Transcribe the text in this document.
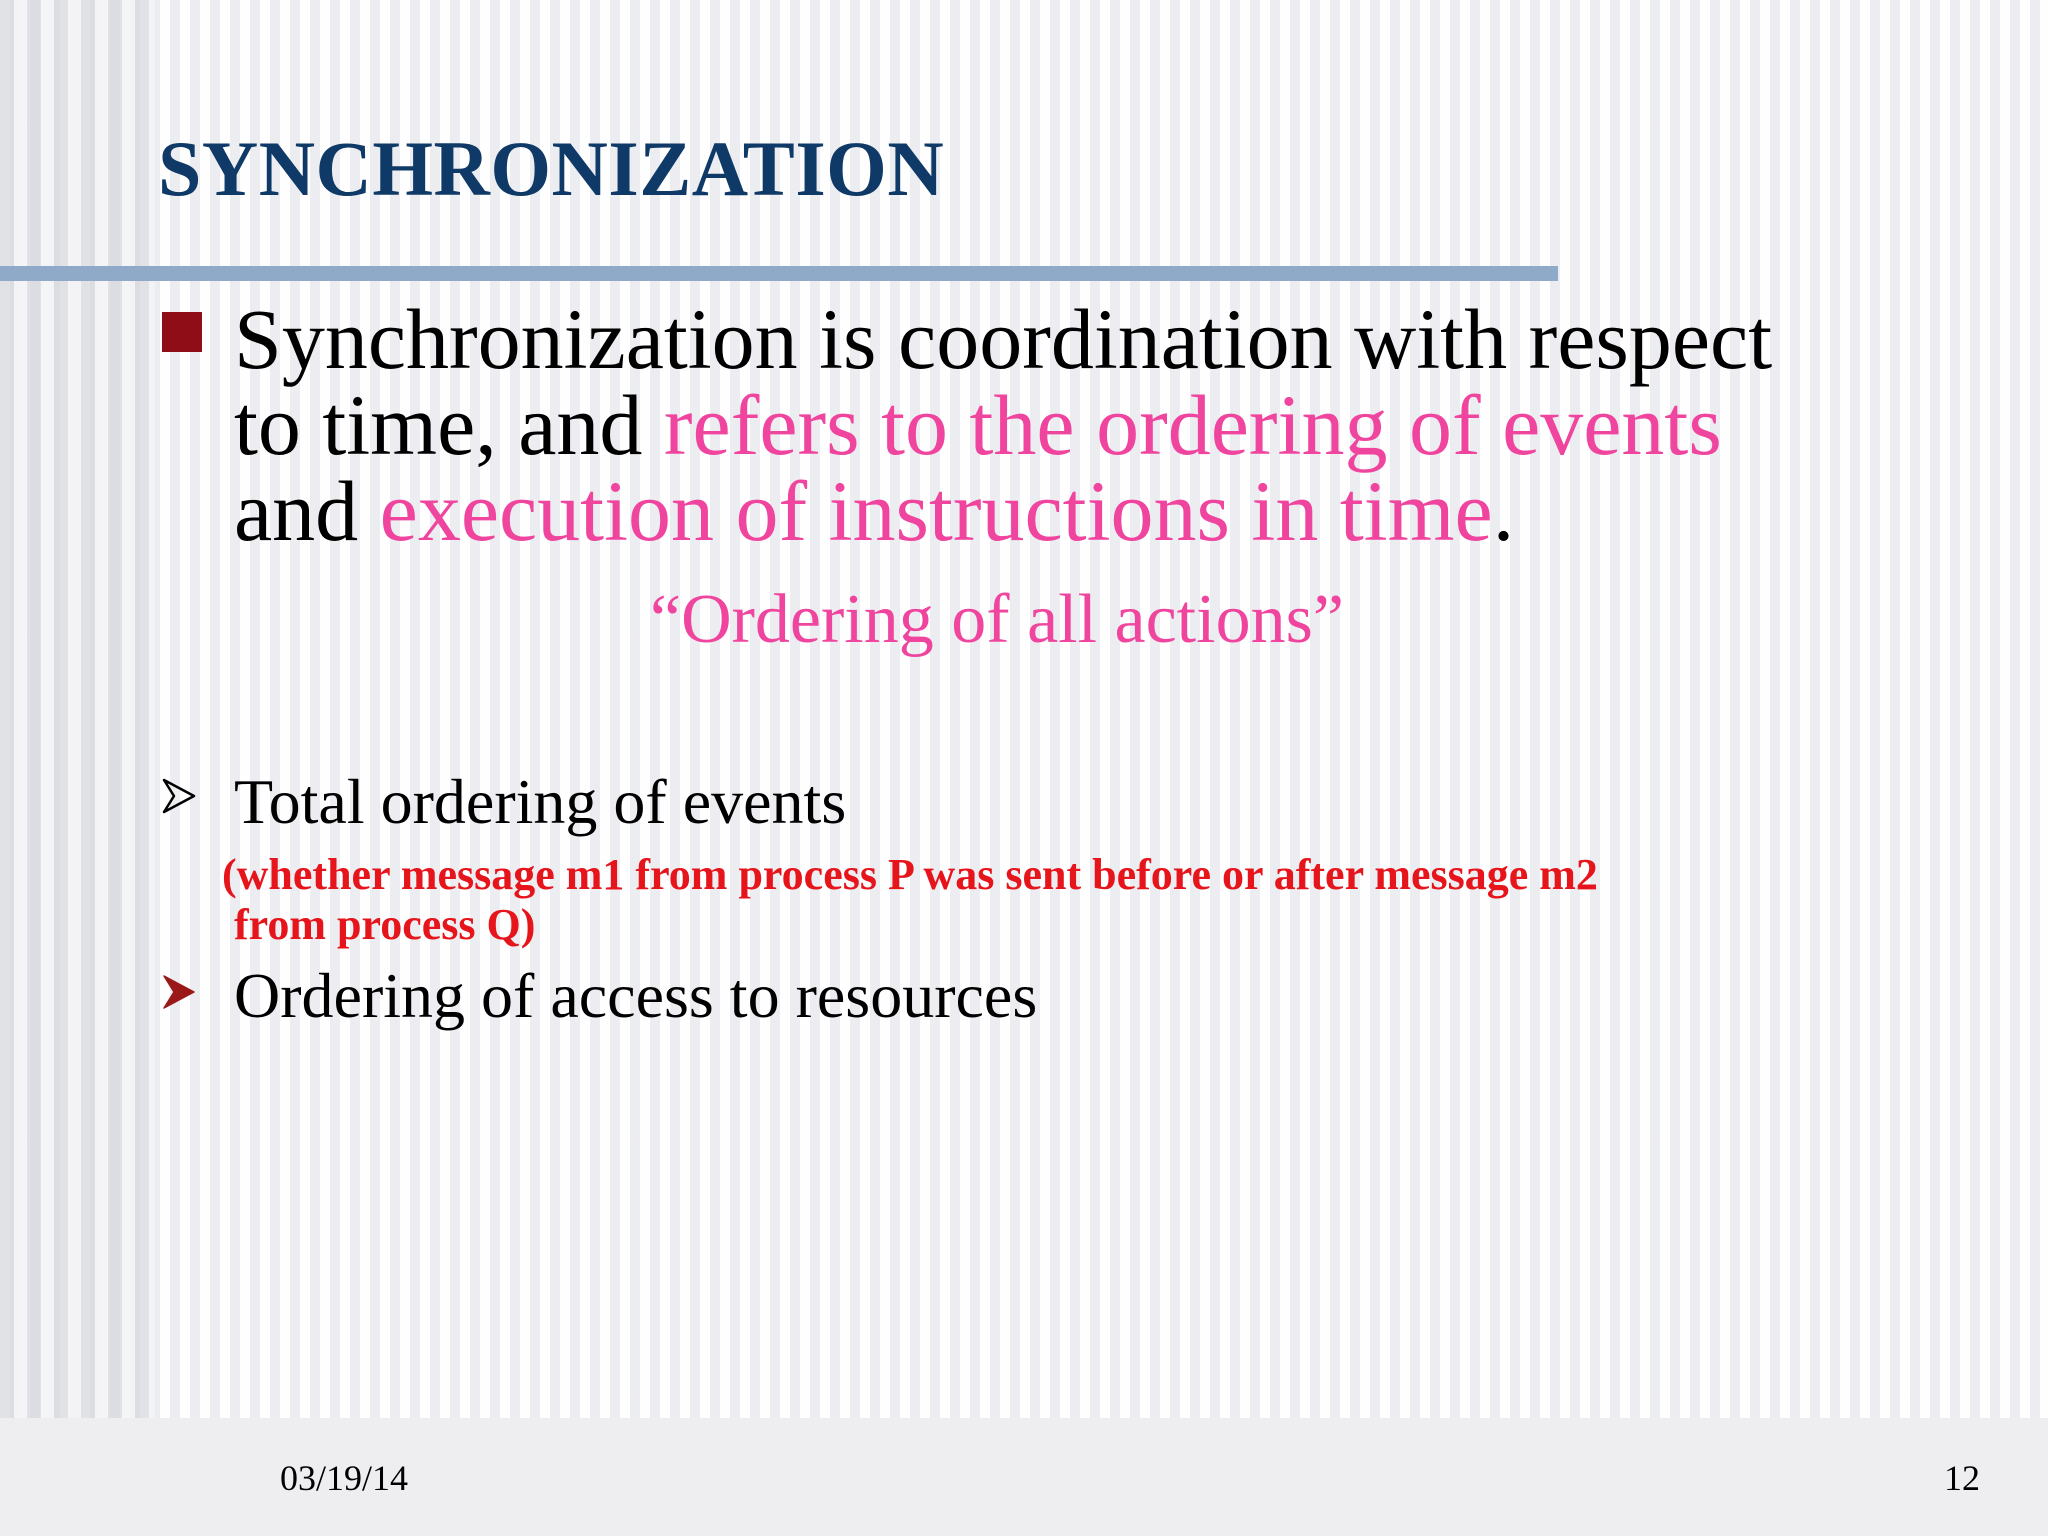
SYNCHRONIZATION
Synchronization is coordination with respect
to time, and refers to the ordering of events
and execution of instructions in time.
“Ordering of all actions”
Total ordering of events
(whether message m1 from process P was sent before or after message m2
from process Q)
Ordering of access to resources
03/19/14	12
